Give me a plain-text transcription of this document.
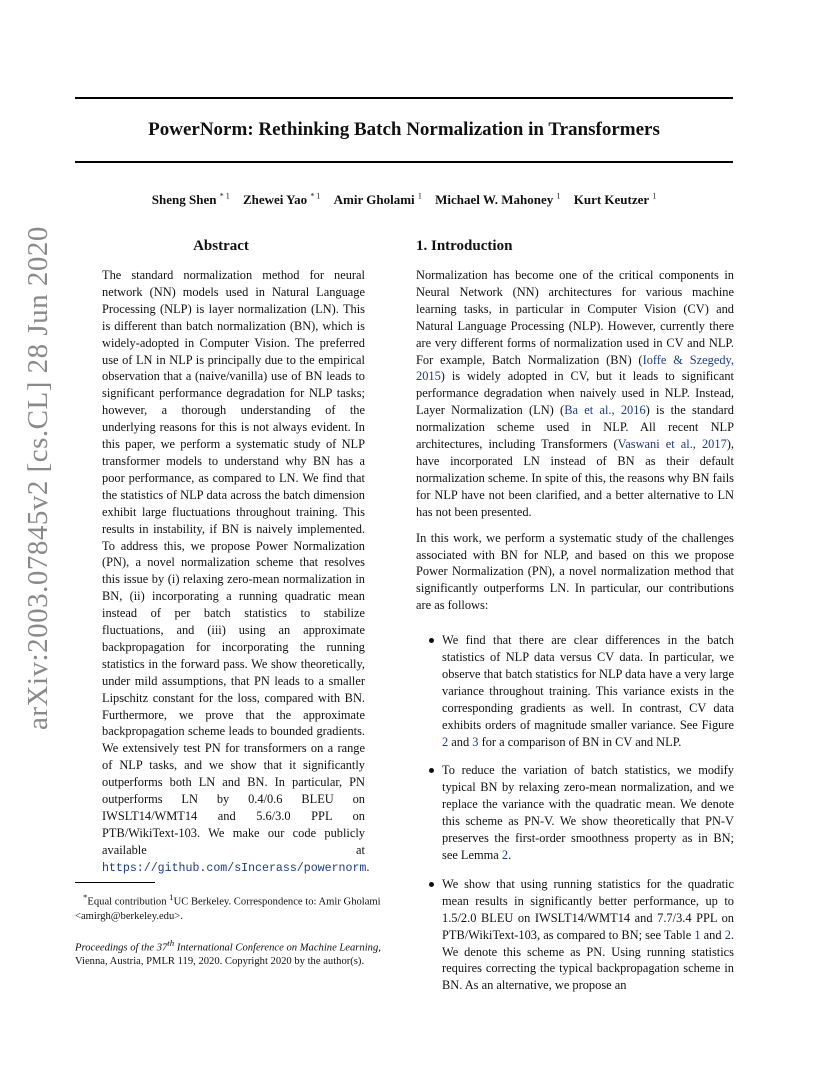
PowerNorm: Rethinking Batch Normalization in Transformers
Sheng Shen $^{* 1}$ Zhewei Yao $^{* 1}$ Amir Gholami $^1$ Michael W. Mahoney $^1$ Kurt Keutzer $^1$
arXiv:2003.07845v2 [cs.CL] 28 Jun 2020	Abstract

The standard normalization method for neural network (NN) models used in Natural Language Processing (NLP) is layer normalization (LN). This is different than batch normalization (BN), which is widely-adopted in Computer Vision. The preferred use of LN in NLP is principally due to the empirical observation that a (naive/vanilla) use of BN leads to significant performance degradation for NLP tasks; however, a thorough understanding of the underlying reasons for this is not always evident. In this paper, we perform a systematic study of NLP transformer models to understand why BN has a poor performance, as compared to LN. We find that the statistics of NLP data across the batch dimension exhibit large fluctuations throughout training. This results in instability, if BN is naively implemented. To address this, we propose Power Normalization (PN), a novel normalization scheme that resolves this issue by (i) relaxing zero-mean normalization in BN, (ii) incorporating a running quadratic mean instead of per batch statistics to stabilize fluctuations, and (iii) using an approximate backpropagation for incorporating the running statistics in the forward pass. We show theoretically, under mild assumptions, that PN leads to a smaller Lipschitz constant for the loss, compared with BN. Furthermore, we prove that the approximate backpropagation scheme leads to bounded gradients. We extensively test PN for transformers on a range of NLP tasks, and we show that it significantly outperforms both LN and BN. In particular, PN outperforms LN by 0.4/0.6 BLEU on IWSLT14/WMT14 and 5.6/3.0 PPL on PTB/WikiText-103. We make our code publicly available at https://github.com/sIncerass/powernorm.

1. Introduction

Normalization has become one of the critical components in Neural Network (NN) architectures for various machine learning tasks, in particular in Computer Vision (CV) and Natural Language Processing (NLP). However, currently there are very different forms of normalization used in CV and NLP. For example, Batch Normalization (BN) (Ioffe & Szegedy, 2015) is widely adopted in CV, but it leads to significant performance degradation when naively used in NLP. Instead, Layer Normalization (LN) (Ba et al., 2016) is the standard normalization scheme used in NLP. All recent NLP architectures, including Transformers (Vaswani et al., 2017), have incorporated LN instead of BN as their default normalization scheme. In spite of this, the reasons why BN fails for NLP have not been clarified, and a better alternative to LN has not been presented.

In this work, we perform a systematic study of the challenges associated with BN for NLP, and based on this we propose Power Normalization (PN), a novel normalization method that significantly outperforms LN. In particular, our contributions are as follows:

We find that there are clear differences in the batch statistics of NLP data versus CV data. In particular, we observe that batch statistics for NLP data have a very large variance throughout training. This variance exists in the corresponding gradients as well. In contrast, CV data exhibits orders of magnitude smaller variance. See Figure 2 and 3 for a comparison of BN in CV and NLP.
To reduce the variation of batch statistics, we modify typical BN by relaxing zero-mean normalization, and we replace the variance with the quadratic mean. We denote this scheme as PN-V. We show theoretically that PN-V preserves the first-order smoothness property as in BN; see Lemma 2.
We show that using running statistics for the quadratic mean results in significantly better performance, up to 1.5/2.0 BLEU on IWSLT14/WMT14 and 7.7/3.4 PPL on PTB/WikiText-103, as compared to BN; see Table 1 and 2. We denote this scheme as PN. Using running statistics requires correcting the typical backpropagation scheme in BN. As an alternative, we propose an

*Equal contribution $^1$UC Berkeley. Correspondence to: Amir Gholami <amirgh@berkeley.edu>.

Proceedings of the 37th International Conference on Machine Learning, Vienna, Austria, PMLR 119, 2020. Copyright 2020 by the author(s).
